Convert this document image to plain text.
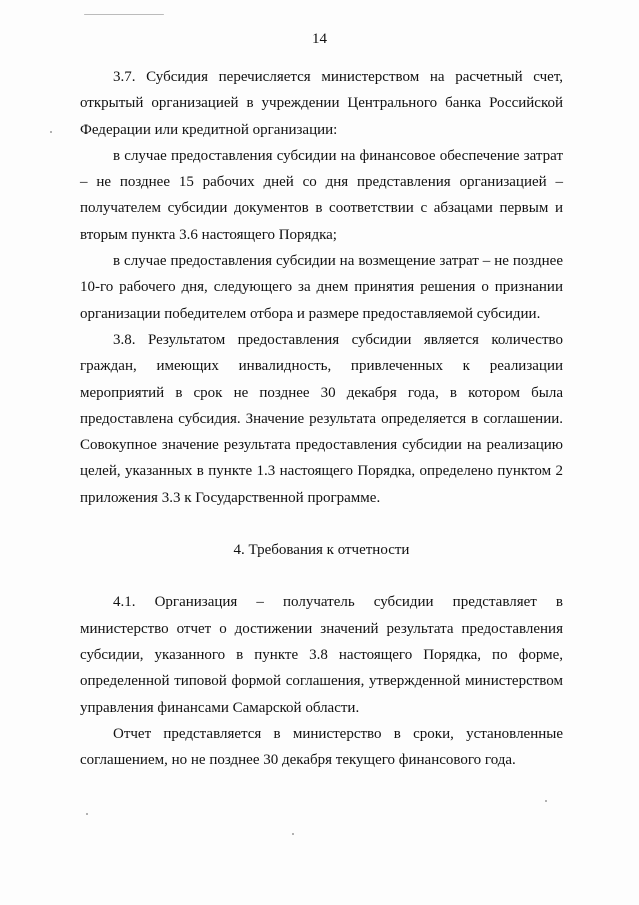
14

3.7. Субсидия перечисляется министерством на расчетный счет, открытый организацией в учреждении Центрального банка Российской Федерации или кредитной организации:

в случае предоставления субсидии на финансовое обеспечение затрат – не позднее 15 рабочих дней со дня представления организацией – получателем субсидии документов в соответствии с абзацами первым и вторым пункта 3.6 настоящего Порядка;

в случае предоставления субсидии на возмещение затрат – не позднее 10-го рабочего дня, следующего за днем принятия решения о признании организации победителем отбора и размере предоставляемой субсидии.

3.8. Результатом предоставления субсидии является количество граждан, имеющих инвалидность, привлеченных к реализации мероприятий в срок не позднее 30 декабря года, в котором была предоставлена субсидия. Значение результата определяется в соглашении. Совокупное значение результата предоставления субсидии на реализацию целей, указанных в пункте 1.3 настоящего Порядка, определено пунктом 2 приложения 3.3 к Государственной программе.

4. Требования к отчетности

4.1. Организация – получатель субсидии представляет в министерство отчет о достижении значений результата предоставления субсидии, указанного в пункте 3.8 настоящего Порядка, по форме, определенной типовой формой соглашения, утвержденной министерством управления финансами Самарской области.

Отчет представляется в министерство в сроки, установленные соглашением, но не позднее 30 декабря текущего финансового года.
